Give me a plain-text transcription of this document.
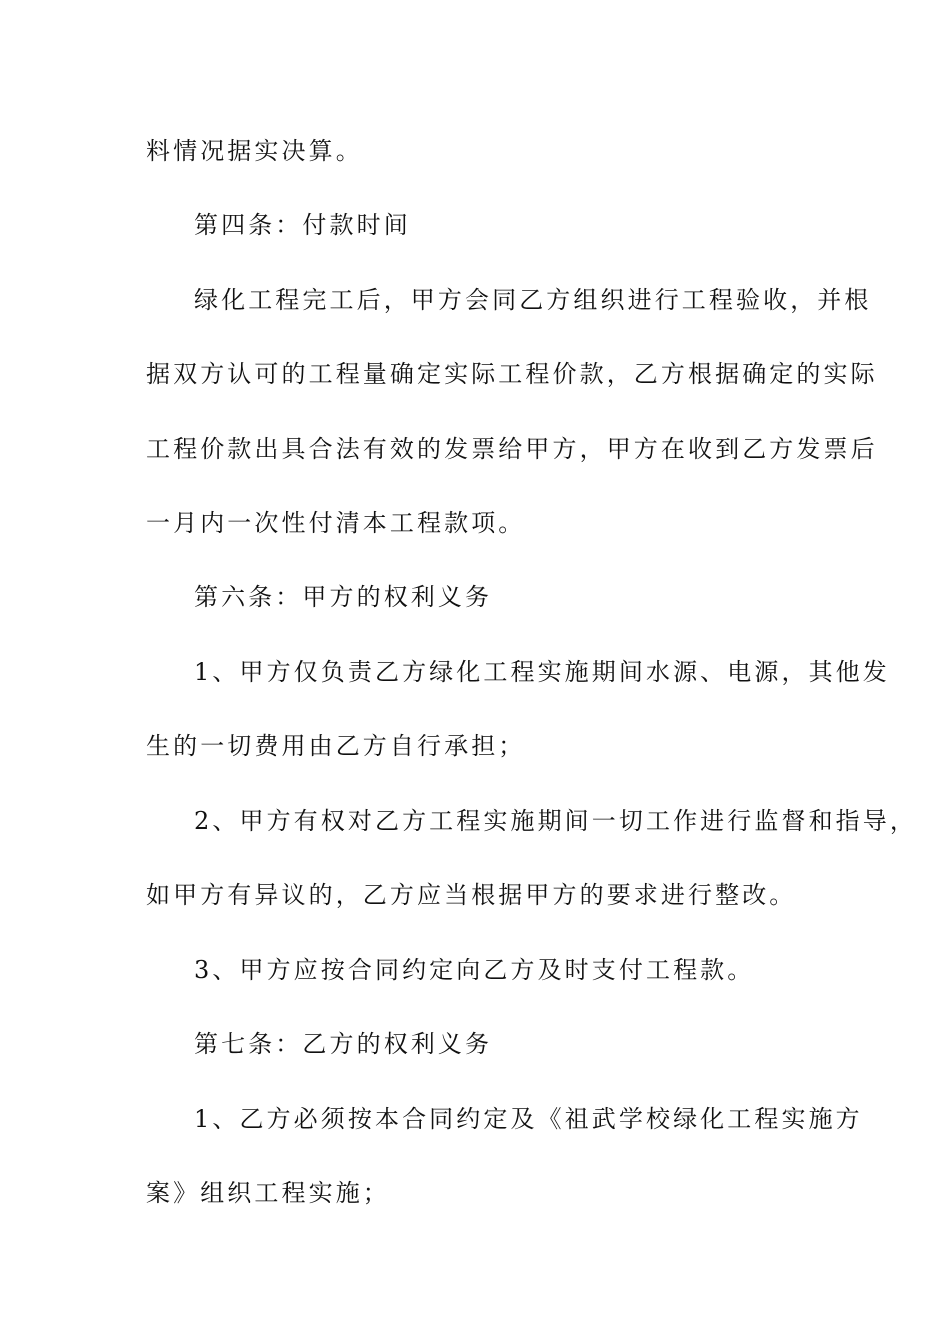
料情况据实决算。

第四条：付款时间

绿化工程完工后，甲方会同乙方组织进行工程验收，并根

据双方认可的工程量确定实际工程价款，乙方根据确定的实际

工程价款出具合法有效的发票给甲方，甲方在收到乙方发票后

一月内一次性付清本工程款项。

第六条：甲方的权利义务

1、甲方仅负责乙方绿化工程实施期间水源、电源，其他发

生的一切费用由乙方自行承担；

2、甲方有权对乙方工程实施期间一切工作进行监督和指导，

如甲方有异议的，乙方应当根据甲方的要求进行整改。

3、甲方应按合同约定向乙方及时支付工程款。

第七条：乙方的权利义务

1、乙方必须按本合同约定及《祖武学校绿化工程实施方

案》组织工程实施；
